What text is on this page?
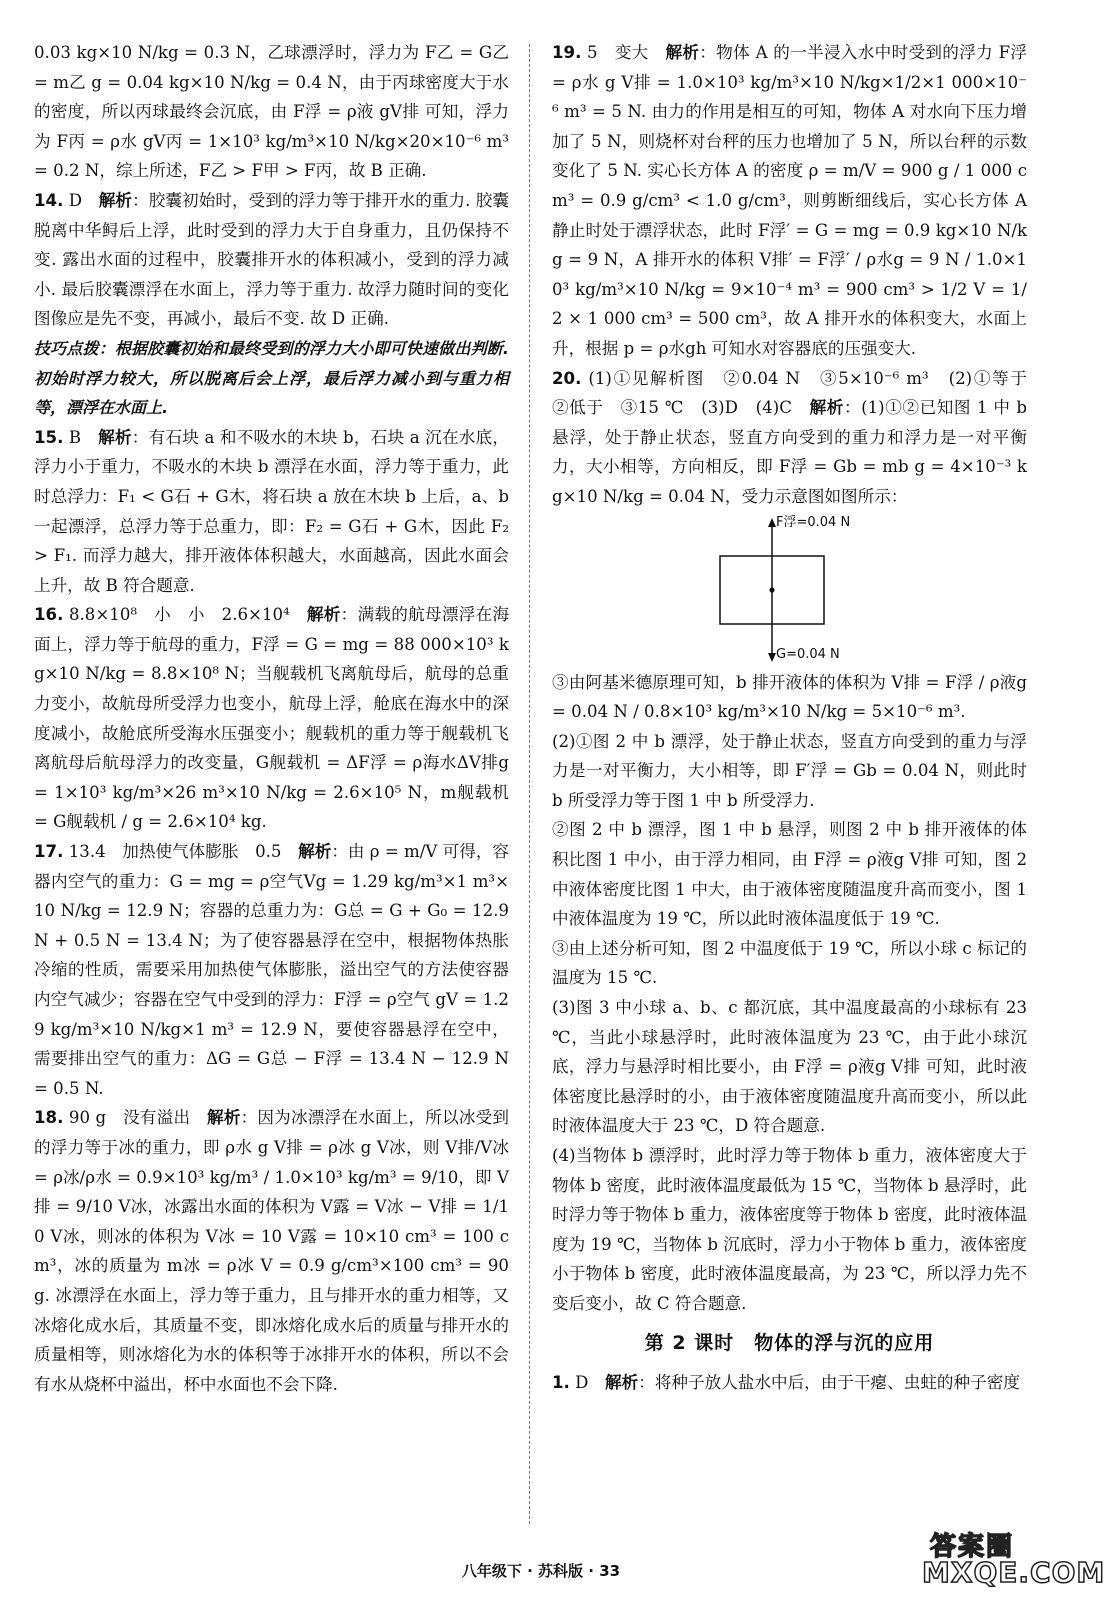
0.03 kg×10 N/kg = 0.3 N，乙球漂浮时，浮力为 F乙 = G乙 = m乙 g = 0.04 kg×10 N/kg = 0.4 N，由于丙球密度大于水的密度，所以丙球最终会沉底，由 F浮 = ρ液 gV排 可知，浮力为 F丙 = ρ水 gV丙 = 1×10³ kg/m³×10 N/kg×20×10⁻⁶ m³ = 0.2 N，综上所述，F乙 > F甲 > F丙，故 B 正确.

14. D　 解析：胶囊初始时，受到的浮力等于排开水的重力. 胶囊脱离中华鲟后上浮，此时受到的浮力大于自身重力，且仍保持不变. 露出水面的过程中，胶囊排开水的体积减小，受到的浮力减小. 最后胶囊漂浮在水面上，浮力等于重力. 故浮力随时间的变化图像应是先不变，再减小，最后不变. 故 D 正确.

技巧点拨：根据胶囊初始和最终受到的浮力大小即可快速做出判断. 初始时浮力较大，所以脱离后会上浮，最后浮力减小到与重力相等，漂浮在水面上.

15. B　 解析：有石块 a 和不吸水的木块 b，石块 a 沉在水底，浮力小于重力，不吸水的木块 b 漂浮在水面，浮力等于重力，此时总浮力：F₁ < G石 + G木，将石块 a 放在木块 b 上后，a、b 一起漂浮，总浮力等于总重力，即：F₂ = G石 + G木，因此 F₂ > F₁. 而浮力越大，排开液体体积越大，水面越高，因此水面会上升，故 B 符合题意.

16. 8.8×10⁸　小　小　2.6×10⁴　 解析：满载的航母漂浮在海面上，浮力等于航母的重力，F浮 = G = mg = 88 000×10³ kg×10 N/kg = 8.8×10⁸ N；当舰载机飞离航母后，航母的总重力变小，故航母所受浮力也变小，航母上浮，舱底在海水中的深度减小，故舱底所受海水压强变小；舰载机的重力等于舰载机飞离航母后航母浮力的改变量，G舰载机 = ΔF浮 = ρ海水ΔV排g = 1×10³ kg/m³×26 m³×10 N/kg = 2.6×10⁵ N，m舰载机 = G舰载机 / g = 2.6×10⁴ kg.

17. 13.4　加热使气体膨胀　0.5　 解析：由 ρ = m/V 可得，容器内空气的重力：G = mg = ρ空气Vg = 1.29 kg/m³×1 m³×10 N/kg = 12.9 N；容器的总重力为：G总 = G + G₀ = 12.9 N + 0.5 N = 13.4 N；为了使容器悬浮在空中，根据物体热胀冷缩的性质，需要采用加热使气体膨胀，溢出空气的方法使容器内空气减少；容器在空气中受到的浮力：F浮 = ρ空气 gV = 1.29 kg/m³×10 N/kg×1 m³ = 12.9 N，要使容器悬浮在空中，需要排出空气的重力：ΔG = G总 − F浮 = 13.4 N − 12.9 N = 0.5 N.

18. 90 g　没有溢出　 解析：因为冰漂浮在水面上，所以冰受到的浮力等于冰的重力，即 ρ水 g V排 = ρ冰 g V冰，则 V排/V冰 = ρ冰/ρ水 = 0.9×10³ kg/m³ / 1.0×10³ kg/m³ = 9/10，即 V排 = 9/10 V冰，冰露出水面的体积为 V露 = V冰 − V排 = 1/10 V冰，则冰的体积为 V冰 = 10 V露 = 10×10 cm³ = 100 cm³，冰的质量为 m冰 = ρ冰 V = 0.9 g/cm³×100 cm³ = 90 g. 冰漂浮在水面上，浮力等于重力，且与排开水的重力相等，又冰熔化成水后，其质量不变，即冰熔化成水后的质量与排开水的质量相等，则冰熔化为水的体积等于冰排开水的体积，所以不会有水从烧杯中溢出，杯中水面也不会下降.

19. 5　变大　 解析：物体 A 的一半浸入水中时受到的浮力 F浮 = ρ水 g V排 = 1.0×10³ kg/m³×10 N/kg×1/2×1 000×10⁻⁶ m³ = 5 N. 由力的作用是相互的可知，物体 A 对水向下压力增加了 5 N，则烧杯对台秤的压力也增加了 5 N，所以台秤的示数变化了 5 N. 实心长方体 A 的密度 ρ = m/V = 900 g / 1 000 cm³ = 0.9 g/cm³ < 1.0 g/cm³，则剪断细线后，实心长方体 A 静止时处于漂浮状态，此时 F浮′ = G = mg = 0.9 kg×10 N/kg = 9 N，A 排开水的体积 V排′ = F浮′ / ρ水g = 9 N / 1.0×10³ kg/m³×10 N/kg = 9×10⁻⁴ m³ = 900 cm³ > 1/2 V = 1/2 × 1 000 cm³ = 500 cm³，故 A 排开水的体积变大，水面上升，根据 p = ρ水gh 可知水对容器底的压强变大.

20. (1)①见解析图　②0.04 N　③5×10⁻⁶ m³　(2)①等于　②低于　③15 ℃　(3)D　(4)C　 解析：(1)①②已知图 1 中 b 悬浮，处于静止状态，竖直方向受到的重力和浮力是一对平衡力，大小相等，方向相反，即 F浮 = Gb = mb g = 4×10⁻³ kg×10 N/kg = 0.04 N，受力示意图如图所示：

F浮=0.04 N
G=0.04 N

③由阿基米德原理可知，b 排开液体的体积为 V排 = F浮 / ρ液g = 0.04 N / 0.8×10³ kg/m³×10 N/kg = 5×10⁻⁶ m³.

(2)①图 2 中 b 漂浮，处于静止状态，竖直方向受到的重力与浮力是一对平衡力，大小相等，即 F′浮 = Gb = 0.04 N，则此时 b 所受浮力等于图 1 中 b 所受浮力.

②图 2 中 b 漂浮，图 1 中 b 悬浮，则图 2 中 b 排开液体的体积比图 1 中小，由于浮力相同，由 F浮 = ρ液g V排 可知，图 2 中液体密度比图 1 中大，由于液体密度随温度升高而变小，图 1 中液体温度为 19 ℃，所以此时液体温度低于 19 ℃.

③由上述分析可知，图 2 中温度低于 19 ℃，所以小球 c 标记的温度为 15 ℃.

(3)图 3 中小球 a、b、c 都沉底，其中温度最高的小球标有 23 ℃，当此小球悬浮时，此时液体温度为 23 ℃，由于此小球沉底，浮力与悬浮时相比要小，由 F浮 = ρ液g V排 可知，此时液体密度比悬浮时的小，由于液体密度随温度升高而变小，所以此时液体温度大于 23 ℃，D 符合题意.

(4)当物体 b 漂浮时，此时浮力等于物体 b 重力，液体密度大于物体 b 密度，此时液体温度最低为 15 ℃，当物体 b 悬浮时，此时浮力等于物体 b 重力，液体密度等于物体 b 密度，此时液体温度为 19 ℃，当物体 b 沉底时，浮力小于物体 b 重力，液体密度小于物体 b 密度，此时液体温度最高，为 23 ℃，所以浮力先不变后变小，故 C 符合题意.

第 2 课时　物体的浮与沉的应用

1. D　 解析：将种子放人盐水中后，由于干瘪、虫蛀的种子密度

八年级下 · 苏科版 · 33
答案圈
MXQE.COM
